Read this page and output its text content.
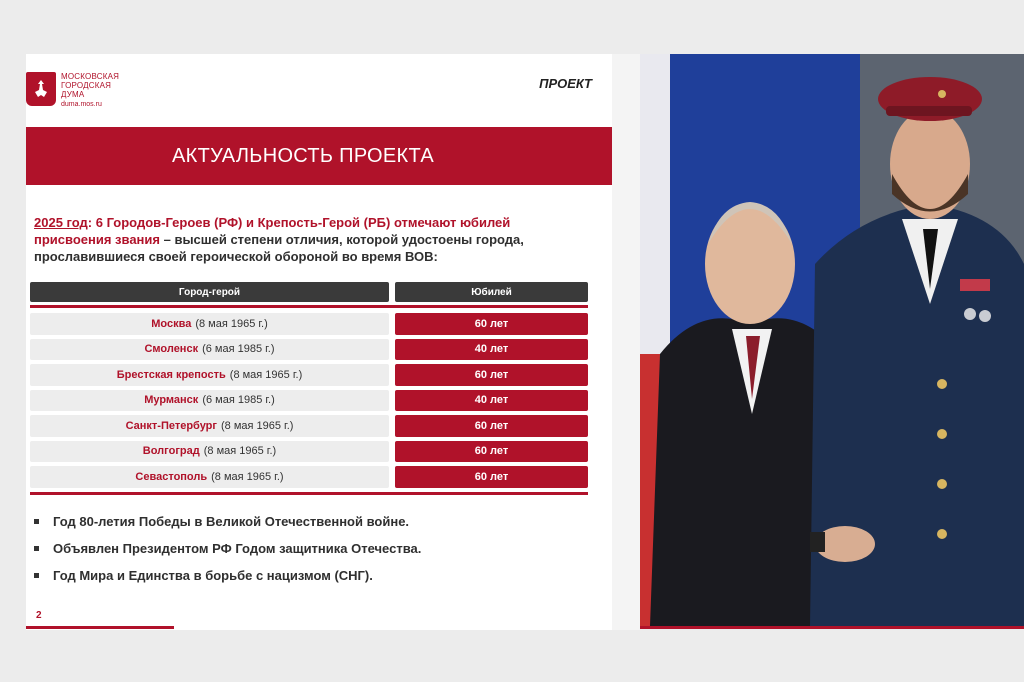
МОСКОВСКАЯ
ГОРОДСКАЯ
ДУМА
duma.mos.ru
ПРОЕКТ
АКТУАЛЬНОСТЬ ПРОЕКТА
2025 год: 6 Городов-Героев (РФ) и Крепость-Герой (РБ) отмечают юбилей присвоения звания – высшей степени отличия, которой удостоены города, прославившиеся своей героической обороной во время ВОВ:
Город-герой	Юбилей
Москва (8 мая 1965 г.)	60 лет
Смоленск (6 мая 1985 г.)	40 лет
Брестская крепость (8 мая 1965 г.)	60 лет
Мурманск (6 мая 1985 г.)	40 лет
Санкт-Петербург (8 мая 1965 г.)	60 лет
Волгоград (8 мая 1965 г.)	60 лет
Севастополь (8 мая 1965 г.)	60 лет
Год 80-летия Победы в Великой Отечественной войне.
Объявлен Президентом РФ Годом защитника Отечества.
Год Мира и Единства в борьбе с нацизмом (СНГ).
2
